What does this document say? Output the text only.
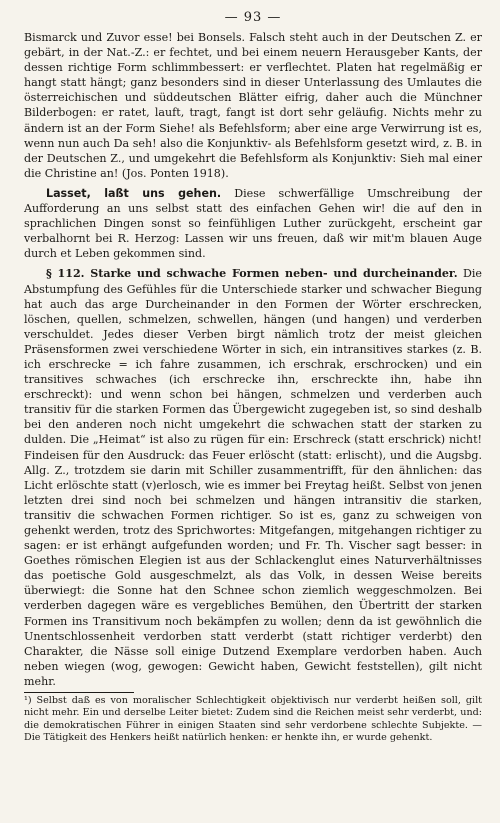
— 93 —

Bismarck und Zuvor esse! bei Bonsels. Falsch steht auch in der Deutschen Z. er gebärt, in der Nat.-Z.: er fechtet, und bei einem neuern Herausgeber Kants, der dessen richtige Form schlimmbessert: er verflechtet. Platen hat regelmäßig er hangt statt hängt; ganz besonders sind in dieser Unterlassung des Umlautes die österreichischen und süddeutschen Blätter eifrig, daher auch die Münchner Bilderbogen: er ratet, lauft, tragt, fangt ist dort sehr geläufig. Nichts mehr zu ändern ist an der Form Siehe! als Befehlsform; aber eine arge Verwirrung ist es, wenn nun auch Da seh! also die Konjunktiv- als Befehlsform gesetzt wird, z. B. in der Deutschen Z., und umgekehrt die Befehlsform als Konjunktiv: Sieh mal einer die Christine an! (Jos. Ponten 1918).

Lasset, laßt uns gehen. Diese schwerfällige Umschreibung der Aufforderung an uns selbst statt des einfachen Gehen wir! die auf den in sprachlichen Dingen sonst so feinfühligen Luther zurückgeht, erscheint gar verbalhornt bei R. Herzog: Lassen wir uns freuen, daß wir mit'm blauen Auge durch et Leben gekommen sind.

§ 112. Starke und schwache Formen neben- und durcheinander. Die Abstumpfung des Gefühles für die Unterschiede starker und schwacher Biegung hat auch das arge Durcheinander in den Formen der Wörter erschrecken, löschen, quellen, schmelzen, schwellen, hängen (und hangen) und verderben verschuldet. Jedes dieser Verben birgt nämlich trotz der meist gleichen Präsensformen zwei verschiedene Wörter in sich, ein intransitives starkes (z. B. ich erschrecke = ich fahre zusammen, ich erschrak, erschrocken) und ein transitives schwaches (ich erschrecke ihn, erschreckte ihn, habe ihn erschreckt): und wenn schon bei hängen, schmelzen und verderben auch transitiv für die starken Formen das Übergewicht zugegeben ist, so sind deshalb bei den anderen noch nicht umgekehrt die schwachen statt der starken zu dulden. Die „Heimat“ ist also zu rügen für ein: Erschreck (statt erschrick) nicht! Findeisen für den Ausdruck: das Feuer erlöscht (statt: erlischt), und die Augsbg. Allg. Z., trotzdem sie darin mit Schiller zusammentrifft, für den ähnlichen: das Licht erlöschte statt (v)erlosch, wie es immer bei Freytag heißt. Selbst von jenen letzten drei sind noch bei schmelzen und hängen intransitiv die starken, transitiv die schwachen Formen richtiger. So ist es, ganz zu schweigen von gehenkt werden, trotz des Sprichwortes: Mitgefangen, mitgehangen richtiger zu sagen: er ist erhängt aufgefunden worden; und Fr. Th. Vischer sagt besser: in Goethes römischen Elegien ist aus der Schlackenglut eines Naturverhältnisses das poetische Gold ausgeschmelzt, als das Volk, in dessen Weise bereits überwiegt: die Sonne hat den Schnee schon ziemlich weggeschmolzen. Bei verderben dagegen wäre es vergebliches Bemühen, den Übertritt der starken Formen ins Transitivum noch bekämpfen zu wollen; denn da ist gewöhnlich die Unentschlossenheit verdorben statt verderbt (statt richtiger verderbt) den Charakter, die Nässe soll einige Dutzend Exemplare verdorben haben. Auch neben wiegen (wog, gewogen: Gewicht haben, Gewicht feststellen), gilt nicht mehr.

¹) Selbst daß es von moralischer Schlechtigkeit objektivisch nur verderbt heißen soll, gilt nicht mehr. Ein und derselbe Leiter bietet: Zudem sind die Reichen meist sehr verderbt, und: die demokratischen Führer in einigen Staaten sind sehr verdorbene schlechte Subjekte. — Die Tätigkeit des Henkers heißt natürlich henken: er henkte ihn, er wurde gehenkt.
